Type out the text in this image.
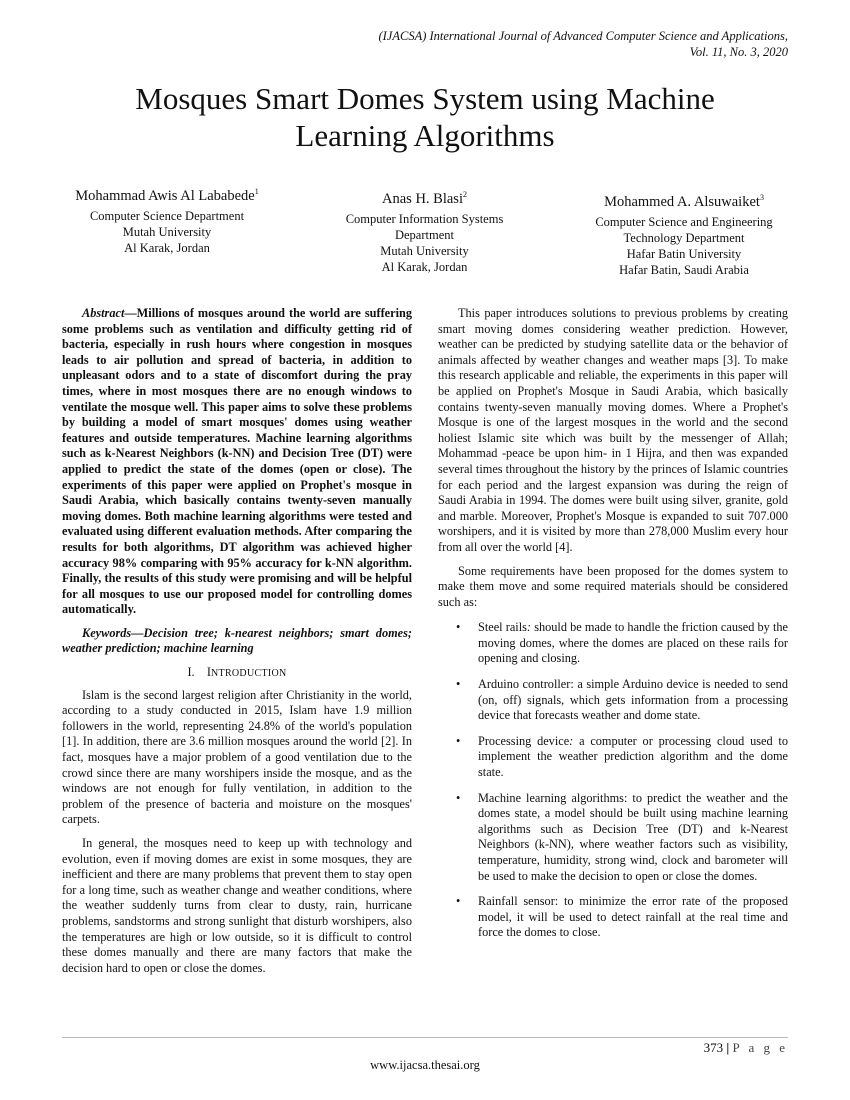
(IJACSA) International Journal of Advanced Computer Science and Applications,
Vol. 11, No. 3, 2020
Mosques Smart Domes System using Machine
Learning Algorithms
Mohammad Awis Al Lababede$^1$
Computer Science Department
Mutah University
Al Karak, Jordan
Anas H. Blasi$^2$
Computer Information Systems
Department
Mutah University
Al Karak, Jordan
Mohammed A. Alsuwaiket$^3$
Computer Science and Engineering
Technology Department
Hafar Batin University
Hafar Batin, Saudi Arabia

Abstract—Millions of mosques around the world are suffering some problems such as ventilation and difficulty getting rid of bacteria, especially in rush hours where congestion in mosques leads to air pollution and spread of bacteria, in addition to unpleasant odors and to a state of discomfort during the pray times, where in most mosques there are no enough windows to ventilate the mosque well. This paper aims to solve these problems by building a model of smart mosques' domes using weather features and outside temperatures. Machine learning algorithms such as k-Nearest Neighbors (k-NN) and Decision Tree (DT) were applied to predict the state of the domes (open or close). The experiments of this paper were applied on Prophet's mosque in Saudi Arabia, which basically contains twenty-seven manually moving domes. Both machine learning algorithms were tested and evaluated using different evaluation methods. After comparing the results for both algorithms, DT algorithm was achieved higher accuracy 98% comparing with 95% accuracy for k-NN algorithm. Finally, the results of this study were promising and will be helpful for all mosques to use our proposed model for controlling domes automatically.

Keywords—Decision tree; k-nearest neighbors; smart domes; weather prediction; machine learning

I. INTRODUCTION

Islam is the second largest religion after Christianity in the world, according to a study conducted in 2015, Islam have 1.9 million followers in the world, representing 24.8% of the world's population [1]. In addition, there are 3.6 million mosques around the world [2]. In fact, mosques have a major problem of a good ventilation due to the crowd since there are many worshipers inside the mosque, and as the windows are not enough for fully ventilation, in addition to the problem of the presence of bacteria and moisture on the mosques' carpets.

In general, the mosques need to keep up with technology and evolution, even if moving domes are exist in some mosques, they are inefficient and there are many problems that prevent them to stay open for a long time, such as weather change and weather conditions, where the weather suddenly turns from clear to dusty, rain, hurricane problems, sandstorms and strong sunlight that disturb worshipers, also the temperatures are high or low outside, so it is difficult to control these domes manually and there are many factors that make the decision hard to open or close the domes.

This paper introduces solutions to previous problems by creating smart moving domes considering weather prediction. However, weather can be predicted by studying satellite data or the behavior of animals affected by weather changes and weather maps [3]. To make this research applicable and reliable, the experiments in this paper will be applied on Prophet's Mosque in Saudi Arabia, which basically contains twenty-seven manually moving domes. Where a Prophet's Mosque is one of the largest mosques in the world and the second holiest Islamic site which was built by the messenger of Allah; Mohammad -peace be upon him- in 1 Hijra, and then was expanded several times throughout the history by the princes of Islamic countries for each period and the largest expansion was during the reign of Saudi Arabia in 1994. The domes were built using silver, granite, gold and marble. Moreover, Prophet's Mosque is expanded to suit 707.000 worshipers, and it is visited by more than 278,000 Muslim every hour from all over the world [4].

Some requirements have been proposed for the domes system to make them move and some required materials should be considered such as:

• Steel rails: should be made to handle the friction caused by the moving domes, where the domes are placed on these rails for opening and closing.
• Arduino controller: a simple Arduino device is needed to send (on, off) signals, which gets information from a processing device that forecasts weather and dome state.
• Processing device: a computer or processing cloud used to implement the weather prediction algorithm and the dome state.
• Machine learning algorithms: to predict the weather and the domes state, a model should be built using machine learning algorithms such as Decision Tree (DT) and k-Nearest Neighbors (k-NN), where weather factors such as visibility, temperature, humidity, strong wind, clock and barometer will be used to make the decision to open or close the domes.
• Rainfall sensor: to minimize the error rate of the proposed model, it will be used to detect rainfall at the real time and force the domes to close.
373 | P a g e
www.ijacsa.thesai.org
